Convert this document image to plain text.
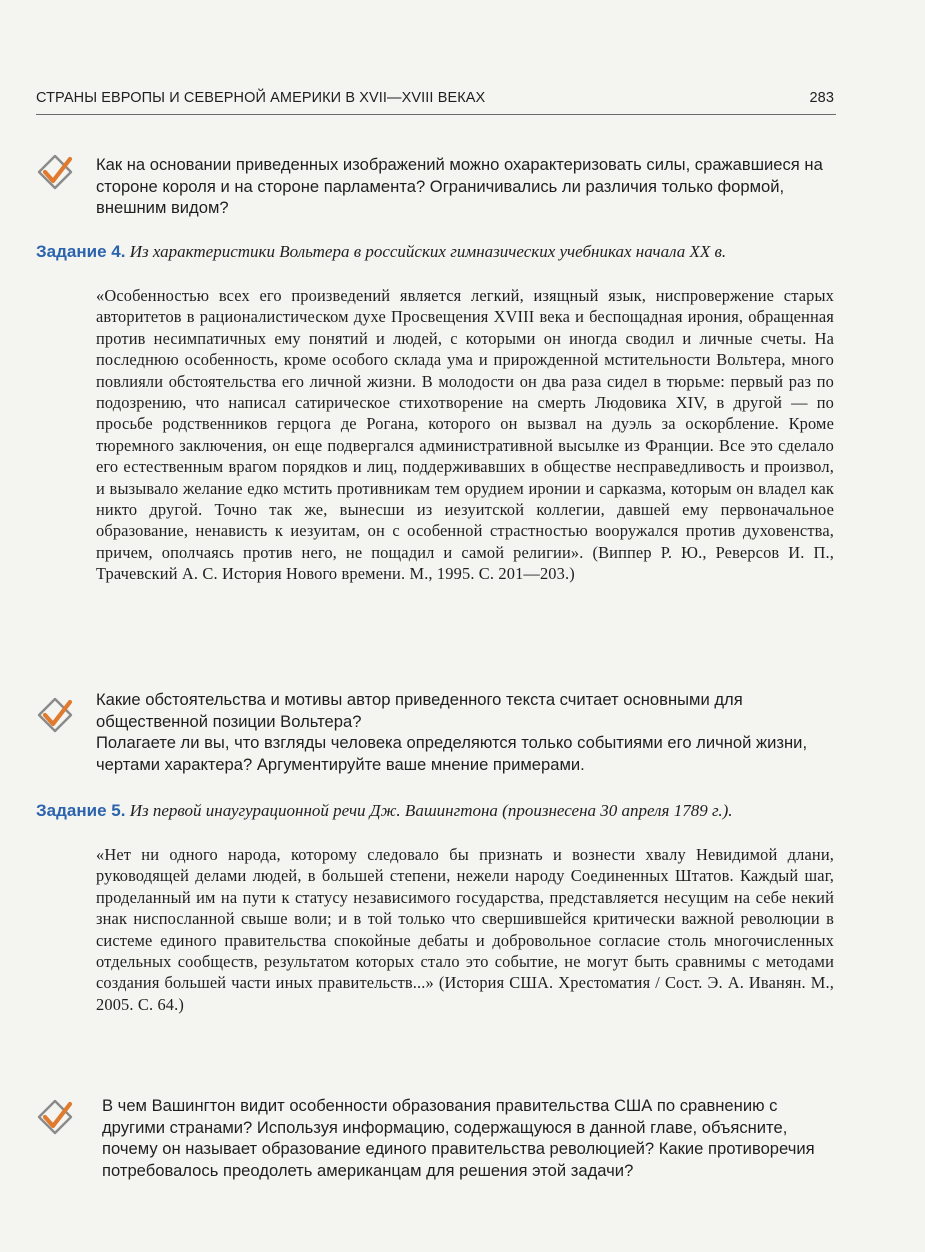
СТРАНЫ ЕВРОПЫ И СЕВЕРНОЙ АМЕРИКИ В XVII—XVIII ВЕКАХ	283

Как на основании приведенных изображений можно охарактеризовать силы, сражавшиеся на стороне короля и на стороне парламента? Ограничивались ли различия только формой, внешним видом?

Задание 4. Из характеристики Вольтера в российских гимназических учебниках начала XX в.

«Особенностью всех его произведений является легкий, изящный язык, ниспровержение старых авторитетов в рационалистическом духе Просвещения XVIII века и беспощадная ирония, обращенная против несимпатичных ему понятий и людей, с которыми он иногда сводил и личные счеты. На последнюю особенность, кроме особого склада ума и прирожденной мстительности Вольтера, много повлияли обстоятельства его личной жизни. В молодости он два раза сидел в тюрьме: первый раз по подозрению, что написал сатирическое стихотворение на смерть Людовика XIV, в другой — по просьбе родственников герцога де Рогана, которого он вызвал на дуэль за оскорбление. Кроме тюремного заключения, он еще подвергался административной высылке из Франции. Все это сделало его естественным врагом порядков и лиц, поддерживавших в обществе несправедливость и произвол, и вызывало желание едко мстить противникам тем орудием иронии и сарказма, которым он владел как никто другой. Точно так же, вынесши из иезуитской коллегии, давшей ему первоначальное образование, ненависть к иезуитам, он с особенной страстностью вооружался против духовенства, причем, ополчаясь против него, не пощадил и самой религии». (Виппер Р. Ю., Реверсов И. П., Трачевский А. С. История Нового времени. М., 1995. С. 201—203.)

Какие обстоятельства и мотивы автор приведенного текста считает основными для общественной позиции Вольтера?

Полагаете ли вы, что взгляды человека определяются только событиями его личной жизни, чертами характера? Аргументируйте ваше мнение примерами.

Задание 5. Из первой инаугурационной речи Дж. Вашингтона (произнесена 30 апреля 1789 г.).

«Нет ни одного народа, которому следовало бы признать и вознести хвалу Невидимой длани, руководящей делами людей, в большей степени, нежели народу Соединенных Штатов. Каждый шаг, проделанный им на пути к статусу независимого государства, представляется несущим на себе некий знак ниспосланной свыше воли; и в той только что свершившейся критически важной революции в системе единого правительства спокойные дебаты и добровольное согласие столь многочисленных отдельных сообществ, результатом которых стало это событие, не могут быть сравнимы с методами создания большей части иных правительств...» (История США. Хрестоматия / Сост. Э. А. Иванян. М., 2005. С. 64.)

В чем Вашингтон видит особенности образования правительства США по сравнению с другими странами? Используя информацию, содержащуюся в данной главе, объясните, почему он называет образование единого правительства революцией? Какие противоречия потребовалось преодолеть американцам для решения этой задачи?
